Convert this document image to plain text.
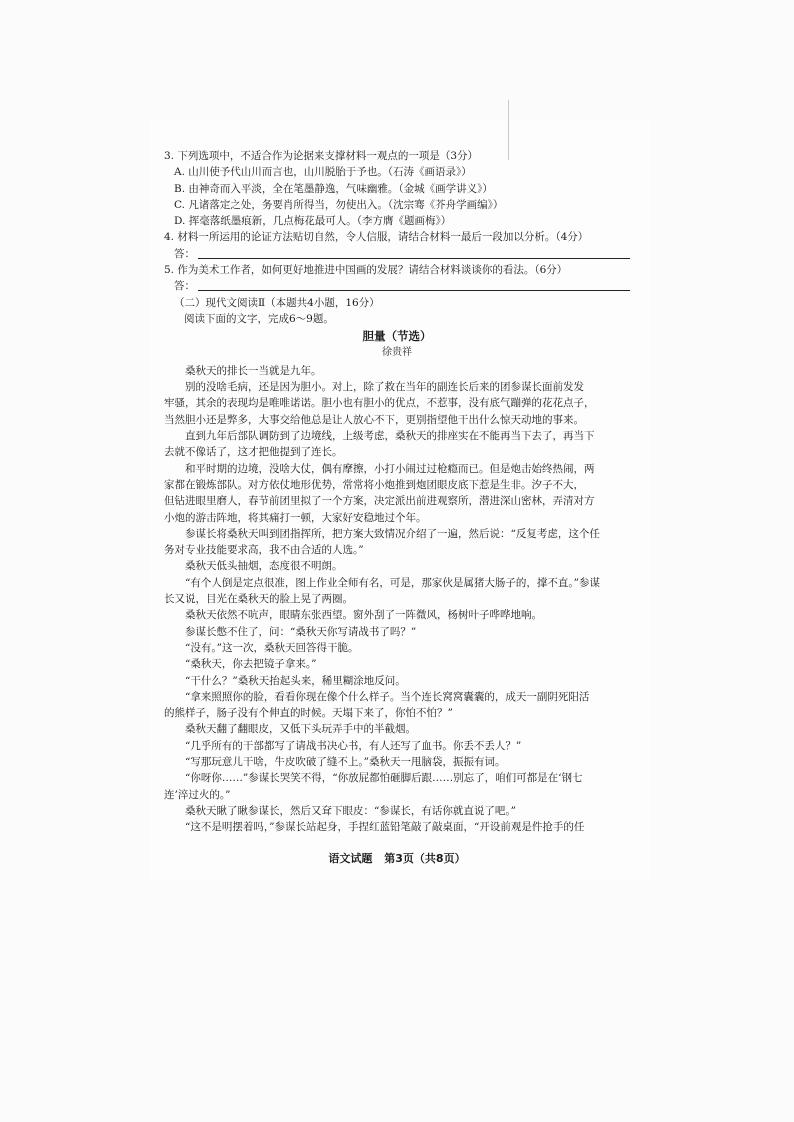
3. 下列选项中，不适合作为论据来支撑材料一观点的一项是（3分）
A. 山川使予代山川而言也，山川脱胎于予也。（石涛《画语录》）
B. 由神奇而入平淡，全在笔墨静逸，气味幽雅。（金城《画学讲义》）
C. 凡诸落定之处，务要肖所得当，勿使出入。（沈宗骞《芥舟学画编》）
D. 挥毫落纸墨痕新，几点梅花最可人。（李方膺《题画梅》）
4. 材料一所运用的论证方法贴切自然，令人信服，请结合材料一最后一段加以分析。（4分）
答：
5. 作为美术工作者，如何更好地推进中国画的发展？请结合材料谈谈你的看法。（6分）
答：
（二）现代文阅读Ⅱ（本题共4小题，16分）
阅读下面的文字，完成6～9题。
胆量（节选）
徐贵祥
桑秋天的排长一当就是九年。
别的没啥毛病，还是因为胆小。对上，除了救在当年的副连长后来的团参谋长面前发发
牢骚，其余的表现均是唯唯诺诺。胆小也有胆小的优点，不惹事，没有底气蹦弹的花花点子，
当然胆小还是弊多，大事交给他总是让人放心不下，更别指望他干出什么惊天动地的事来。
直到九年后部队调防到了边境线，上级考虑，桑秋天的排座实在不能再当下去了，再当下
去就不像话了，这才把他提到了连长。
和平时期的边境，没啥大仗，偶有摩擦，小打小闹过过枪瘾而已。但是炮击始终热闹，两
家都在锻炼部队。对方依仗地形优势，常常将小炮推到炮团眼皮底下惹是生非。汐子不大，
但钻进眼里磨人，春节前团里拟了一个方案，决定派出前进观察所，潜进深山密林，弄清对方
小炮的游击阵地，将其痛打一顿，大家好安稳地过个年。
参谋长将桑秋天叫到团指挥所，把方案大致情况介绍了一遍，然后说：“反复考虑，这个任
务对专业技能要求高，我不由合适的人选。”
桑秋天低头抽烟，态度很不明朗。
“有个人倒是定点很准，图上作业全师有名，可是，那家伙是属猪大肠子的，撑不直。”参谋
长又说，目光在桑秋天的脸上晃了两圈。
桑秋天依然不吭声，眼睛东张西望。窗外刮了一阵微风，杨树叶子哗哗地响。
参谋长憋不住了，问：“桑秋天你写请战书了吗？”
“没有。”这一次，桑秋天回答得干脆。
“桑秋天，你去把镜子拿来。”
“干什么？”桑秋天抬起头来，稀里糊涂地反问。
“拿来照照你的脸，看看你现在像个什么样子。当个连长窝窝囊囊的，成天一副阴死阳活
的熊样子，肠子没有个伸直的时候。天塌下来了，你怕不怕？”
桑秋天翻了翻眼皮，又低下头玩弄手中的半截烟。
“几乎所有的干部都写了请战书决心书，有人还写了血书。你丢不丢人？”
“写那玩意儿干啥，牛皮吹破了缝不上。”桑秋天一甩脑袋，振振有词。
“你呀你……”参谋长哭笑不得，“你放屁都怕砸脚后跟……别忘了，咱们可都是在‘钢七
连’淬过火的。”
桑秋天瞅了瞅参谋长，然后又耷下眼皮：“参谋长，有话你就直说了吧。”
“这不是明摆着吗，”参谋长站起身，手捏红蓝铅笔敲了敲桌面，“开设前观是件抢手的任
语文试题 第3页（共8页）
